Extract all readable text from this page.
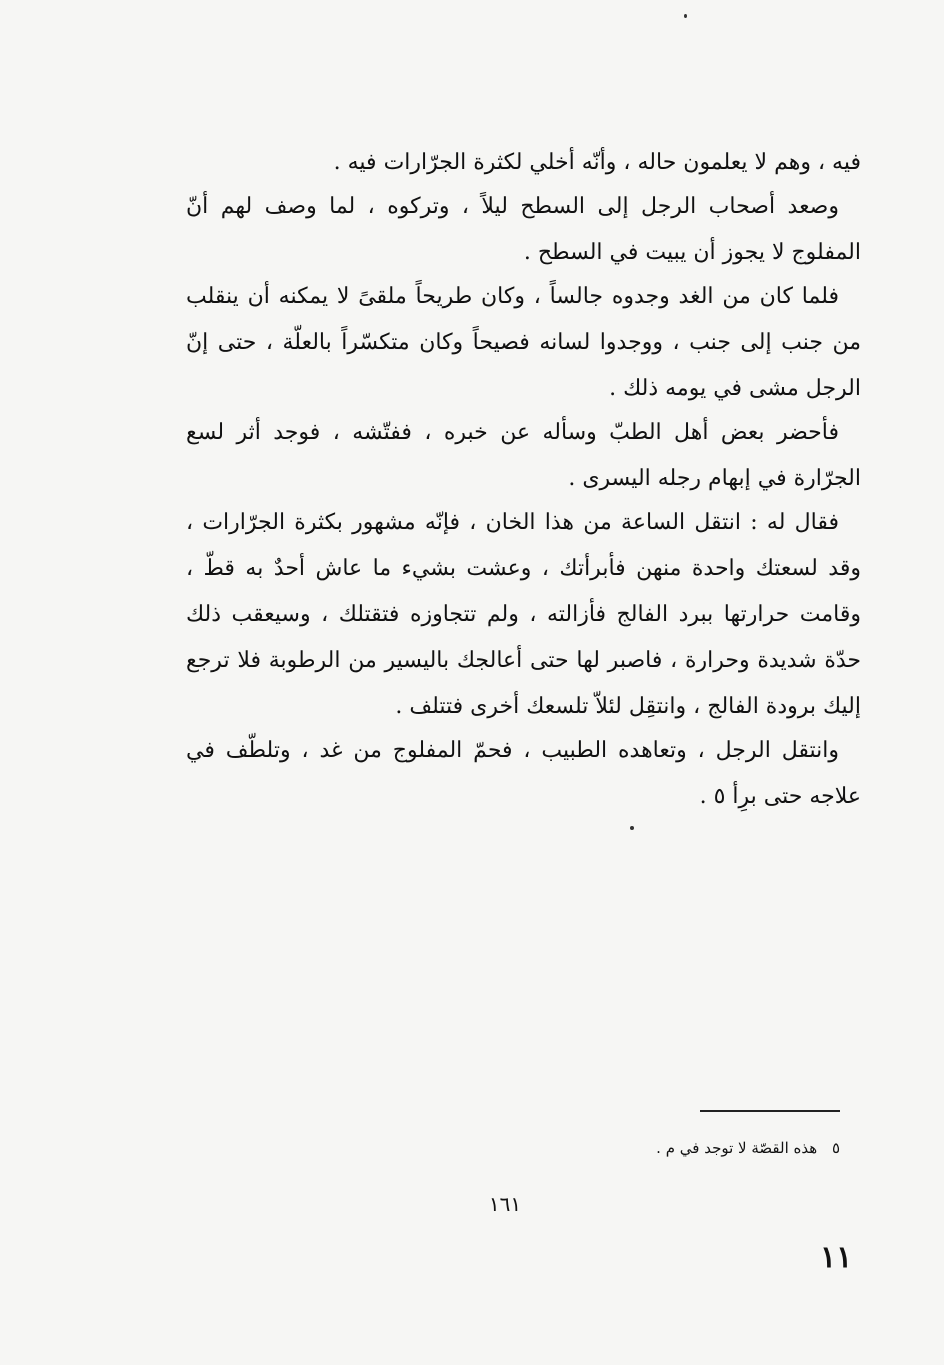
فيه ، وهم لا يعلمون حاله ، وأنّه أخلي لكثرة الجرّارات فيه .

وصعد أصحاب الرجل إلى السطح ليلاً ، وتركوه ، لما وصف لهم أنّ المفلوج لا يجوز أن يبيت في السطح .

فلما كان من الغد وجدوه جالساً ، وكان طريحاً ملقىً لا يمكنه أن ينقلب من جنب إلى جنب ، ووجدوا لسانه فصيحاً وكان متكسّراً بالعلّة ، حتى إنّ الرجل مشى في يومه ذلك .

فأحضر بعض أهل الطبّ وسأله عن خبره ، ففتّشه ، فوجد أثر لسع الجرّارة في إبهام رجله اليسرى .

فقال له : انتقل الساعة من هذا الخان ، فإنّه مشهور بكثرة الجرّارات ، وقد لسعتك واحدة منهن فأبرأتك ، وعشت بشيء ما عاش أحدٌ به قطّ ، وقامت حرارتها ببرد الفالج فأزالته ، ولم تتجاوزه فتقتلك ، وسيعقب ذلك حدّة شديدة وحرارة ، فاصبر لها حتى أعالجك باليسير من الرطوبة فلا ترجع إليك برودة الفالج ، وانتقِل لئلاّ تلسعك أخرى فتتلف .

وانتقل الرجل ، وتعاهده الطبيب ، فحمّ المفلوج من غد ، وتلطّف في علاجه حتى برِأ ٥ .

٥ هذه القصّة لا توجد في م .
١٦١
١١
